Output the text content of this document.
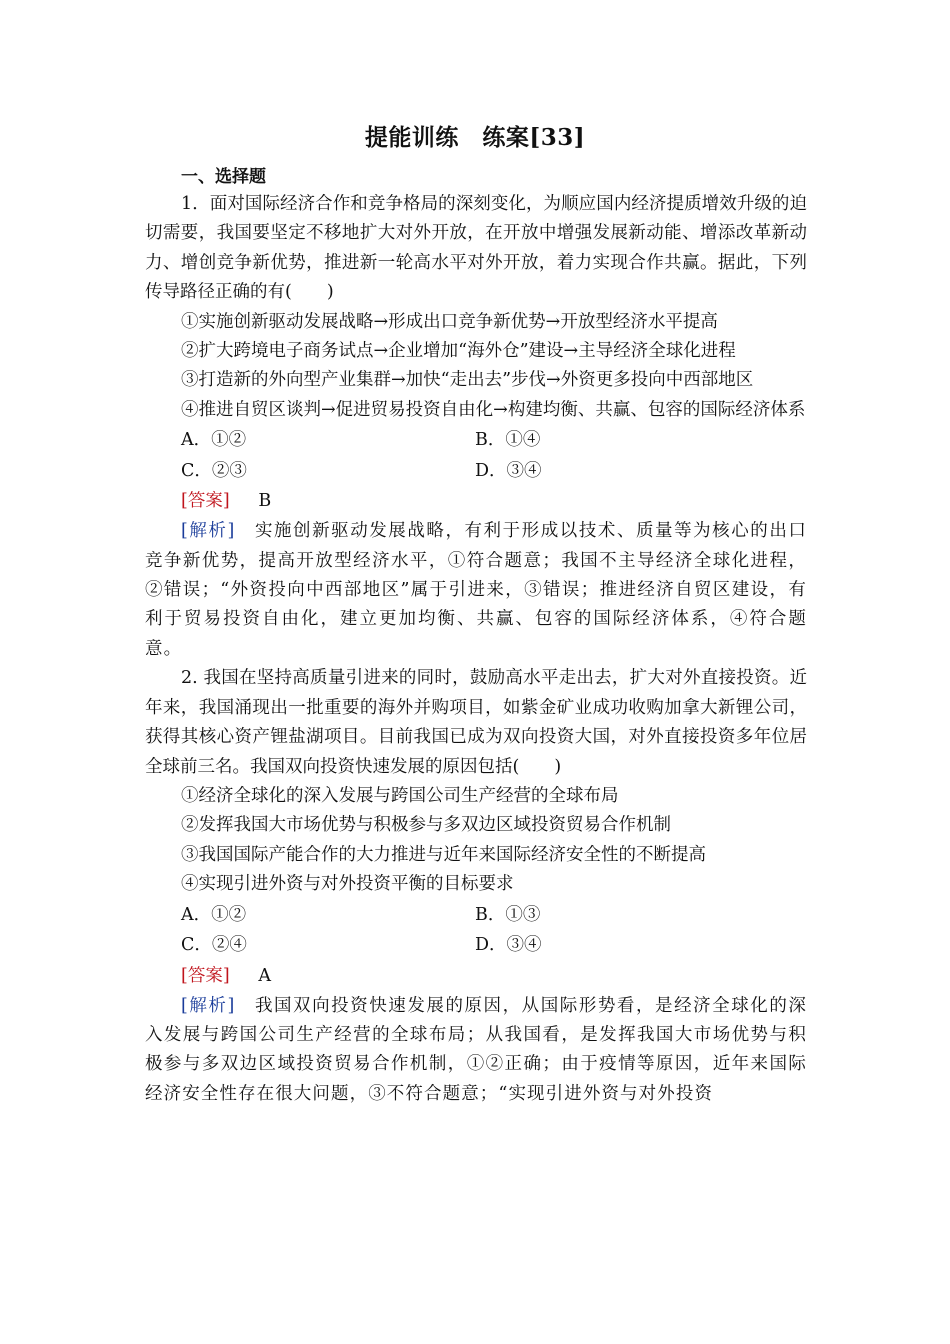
提能训练　练案[33]
一、选择题

1．面对国际经济合作和竞争格局的深刻变化，为顺应国内经济提质增效升级的迫切需要，我国要坚定不移地扩大对外开放，在开放中增强发展新动能、增添改革新动力、增创竞争新优势，推进新一轮高水平对外开放，着力实现合作共赢。据此，下列传导路径正确的有(　　)

①实施创新驱动发展战略→形成出口竞争新优势→开放型经济水平提高

②扩大跨境电子商务试点→企业增加“海外仓”建设→主导经济全球化进程

③打造新的外向型产业集群→加快“走出去”步伐→外资更多投向中西部地区

④推进自贸区谈判→促进贸易投资自由化→构建均衡、共赢、包容的国际经济体系

A．①②	B．①④
C．②③	D．③④
[答案] 　 B

[解析]　 实施创新驱动发展战略，有利于形成以技术、质量等为核心的出口竞争新优势，提高开放型经济水平，①符合题意；我国不主导经济全球化进程，②错误；“外资投向中西部地区”属于引进来，③错误；推进经济自贸区建设，有利于贸易投资自由化，建立更加均衡、共赢、包容的国际经济体系，④符合题意。

2. 我国在坚持高质量引进来的同时，鼓励高水平走出去，扩大对外直接投资。近年来，我国涌现出一批重要的海外并购项目，如紫金矿业成功收购加拿大新锂公司，获得其核心资产锂盐湖项目。目前我国已成为双向投资大国，对外直接投资多年位居全球前三名。我国双向投资快速发展的原因包括(　　)

①经济全球化的深入发展与跨国公司生产经营的全球布局

②发挥我国大市场优势与积极参与多双边区域投资贸易合作机制

③我国国际产能合作的大力推进与近年来国际经济安全性的不断提高

④实现引进外资与对外投资平衡的目标要求

A．①②	B．①③
C．②④	D．③④
[答案] 　 A

[解析]　 我国双向投资快速发展的原因，从国际形势看，是经济全球化的深入发展与跨国公司生产经营的全球布局；从我国看，是发挥我国大市场优势与积极参与多双边区域投资贸易合作机制，①②正确；由于疫情等原因，近年来国际经济安全性存在很大问题，③不符合题意；“实现引进外资与对外投资
